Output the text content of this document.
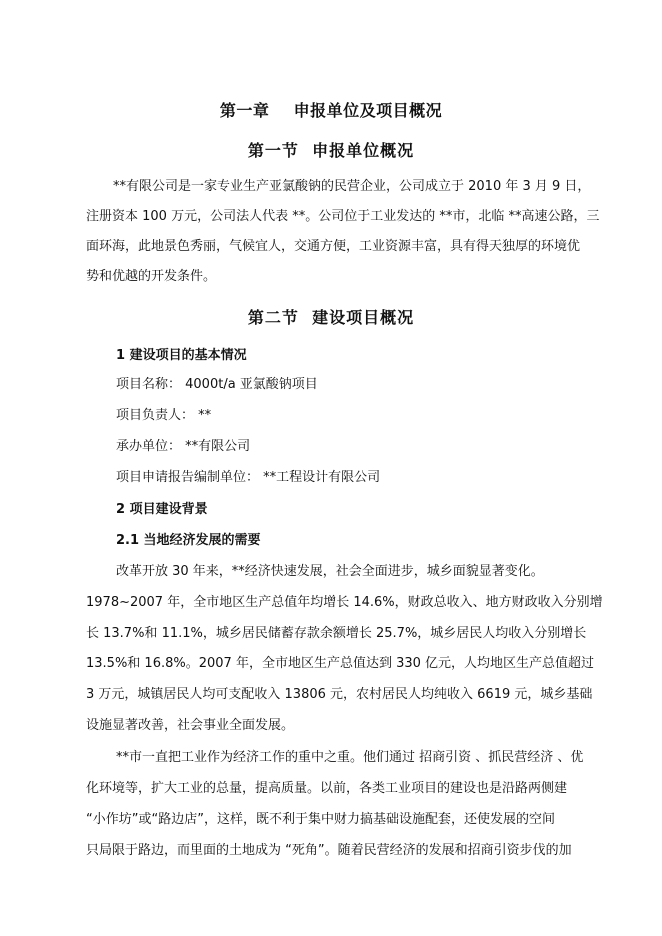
第一章    申报单位及项目概况
第一节  申报单位概况
**有限公司是一家专业生产亚氯酸钠的民营企业，公司成立于 2010 年 3 月 9 日，
注册资本 100 万元，公司法人代表 **。公司位于工业发达的 **市，北临 **高速公路，三
面环海，此地景色秀丽，气候宜人，交通方便，工业资源丰富，具有得天独厚的环境优
势和优越的开发条件。
第二节  建设项目概况
1 建设项目的基本情况
项目名称： 4000t/a 亚氯酸钠项目
项目负责人： **
承办单位： **有限公司
项目申请报告编制单位： **工程设计有限公司
2 项目建设背景
2.1 当地经济发展的需要
改革开放 30 年来，**经济快速发展，社会全面进步，城乡面貌显著变化。
1978~2007 年，全市地区生产总值年均增长 14.6%，财政总收入、地方财政收入分别增
长 13.7%和 11.1%，城乡居民储蓄存款余额增长 25.7%，城乡居民人均收入分别增长
13.5%和 16.8%。2007 年，全市地区生产总值达到 330 亿元，人均地区生产总值超过
3 万元，城镇居民人均可支配收入 13806 元，农村居民人均纯收入 6619 元，城乡基础
设施显著改善，社会事业全面发展。
**市一直把工业作为经济工作的重中之重。他们通过 招商引资 、抓民营经济 、优
化环境等，扩大工业的总量，提高质量。以前，各类工业项目的建设也是沿路两侧建
“小作坊”或“路边店”，这样，既不利于集中财力搞基础设施配套，还使发展的空间
只局限于路边，而里面的土地成为 “死角”。随着民营经济的发展和招商引资步伐的加
